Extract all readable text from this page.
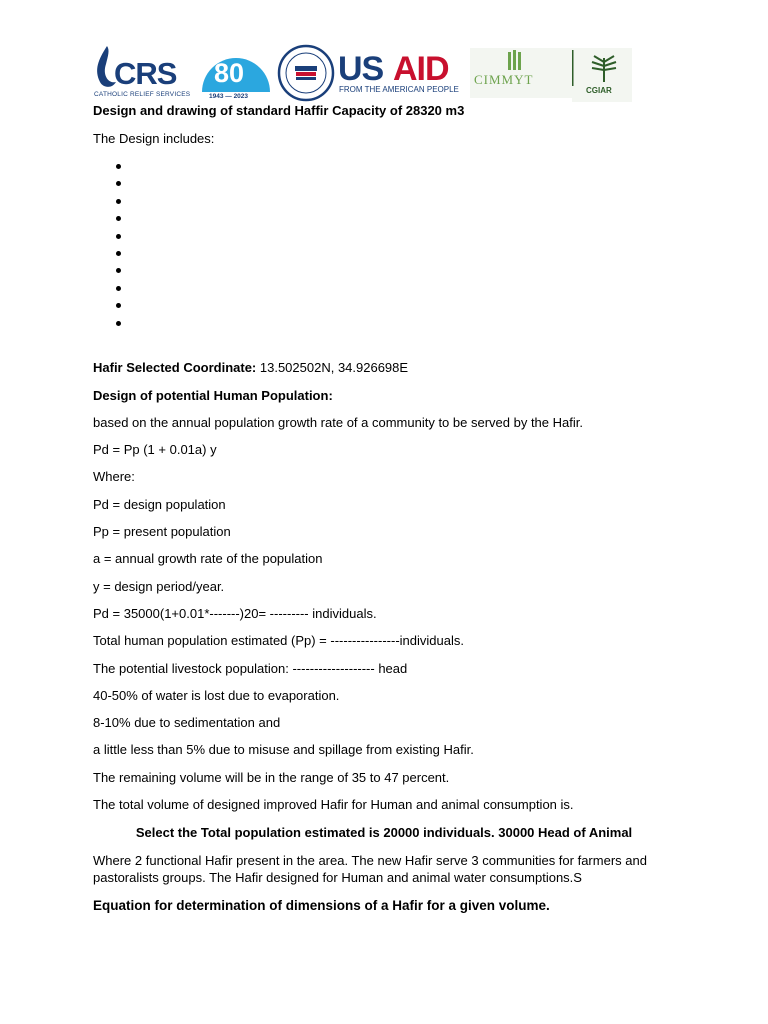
CRS
CATHOLIC RELIEF SERVICES
80
1943 — 2023
US AID
FROM THE AMERICAN PEOPLE
CIMMYT
CGIAR
Design and drawing of standard Haffir Capacity of 28320 m3
The Design includes:
Hafir Selected Coordinate: 13.502502N, 34.926698E
Design of potential Human Population:
based on the annual population growth rate of a community to be served by the Hafir.
Pd = Pp (1 + 0.01a) y
Where:
Pd = design population
Pp = present population
a = annual growth rate of the population
y = design period/year.
Pd = 35000(1+0.01*-------)20= --------- individuals.
Total human population estimated (Pp) = ----------------individuals.
The potential livestock population: ------------------- head
40-50% of water is lost due to evaporation.
8-10% due to sedimentation and
a little less than 5% due to misuse and spillage from existing Hafir.
The remaining volume will be in the range of 35 to 47 percent.
The total volume of designed improved Hafir for Human and animal consumption is.
Select the Total population estimated is 20000 individuals. 30000 Head of Animal
Where 2 functional Hafir present in the area. The new Hafir serve 3 communities for farmers and pastoralists groups. The Hafir designed for Human and animal water consumptions.S
Equation for determination of dimensions of a Hafir for a given volume.
